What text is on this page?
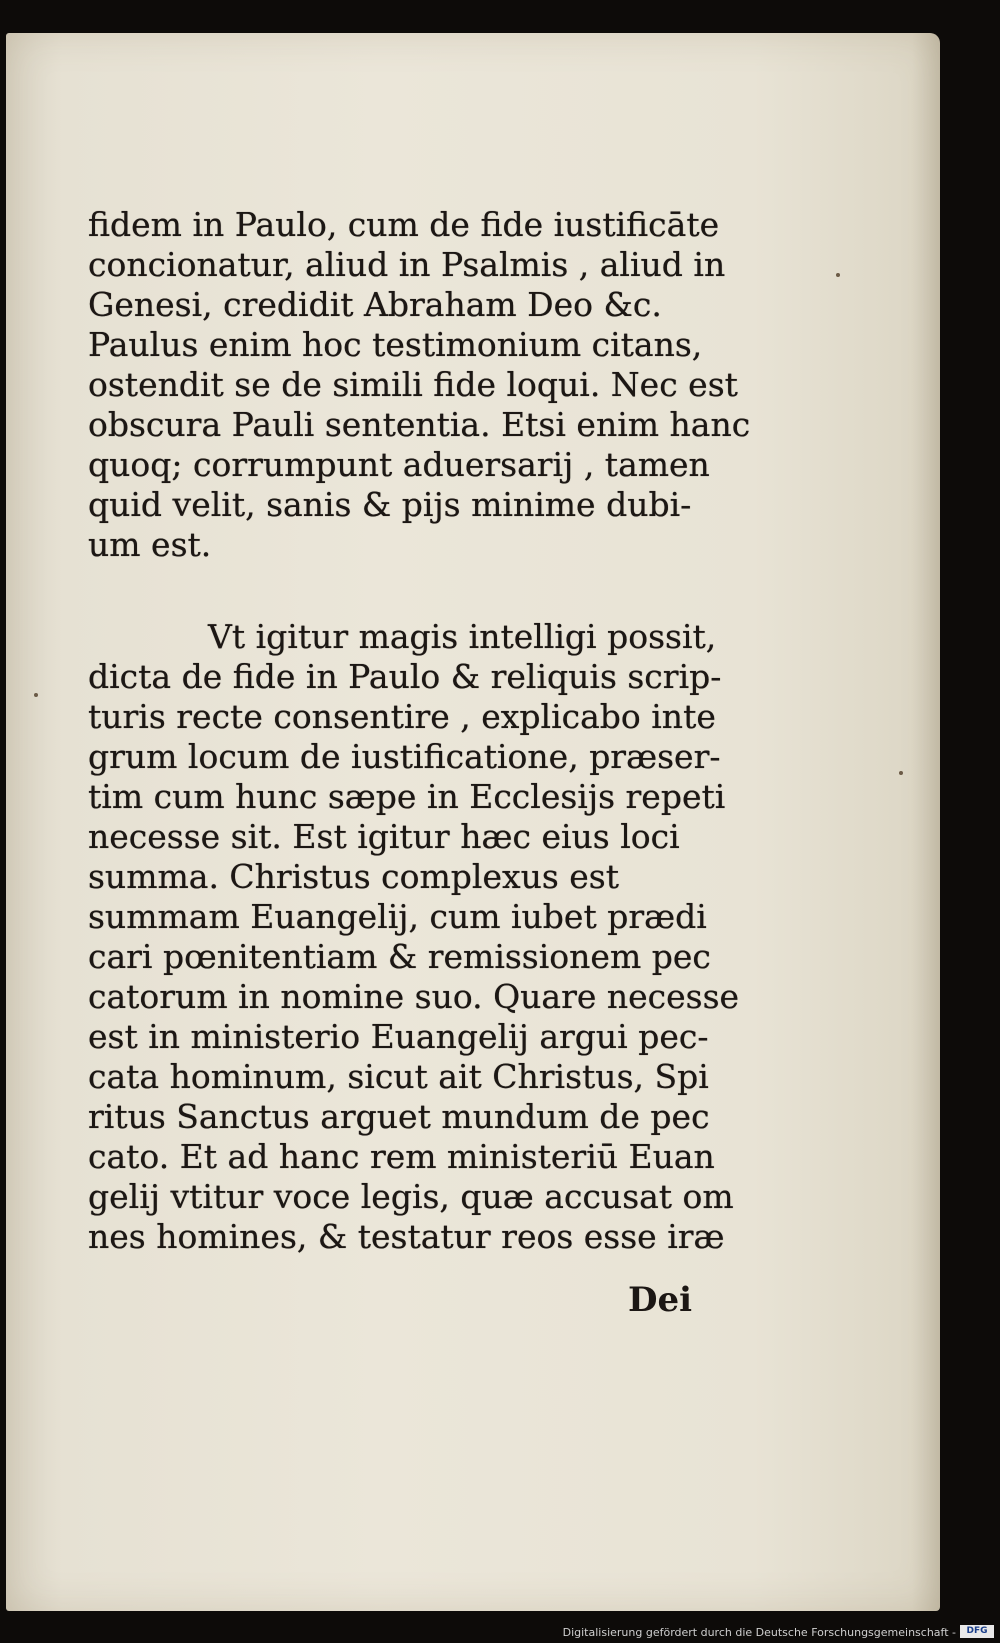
fidem in Paulo, cum de fide iustificāte
concionatur, aliud in Psalmis , aliud in
Genesi, credidit Abraham Deo &c.
Paulus enim hoc testimonium citans,
ostendit se de simili fide loqui. Nec est
obscura Pauli sententia. Etsi enim hanc
quoq; corrumpunt aduersarij , tamen
quid velit, sanis & pijs minime dubi-
um est.
Vt igitur magis intelligi possit,
dicta de fide in Paulo & reliquis scrip-
turis recte consentire , explicabo inte
grum locum de iustificatione, præser-
tim cum hunc sæpe in Ecclesijs repeti
necesse sit. Est igitur hæc eius loci
summa. Christus complexus est
summam Euangelij, cum iubet prædi
cari pœnitentiam & remissionem pec
catorum in nomine suo. Quare necesse
est in ministerio Euangelij argui pec-
cata hominum, sicut ait Christus, Spi
ritus Sanctus arguet mundum de pec
cato. Et ad hanc rem ministeriū Euan
gelij vtitur voce legis, quæ accusat om
nes homines, & testatur reos esse iræ
Dei
Digitalisierung gefördert durch die Deutsche Forschungsgemeinschaft -	DFG
